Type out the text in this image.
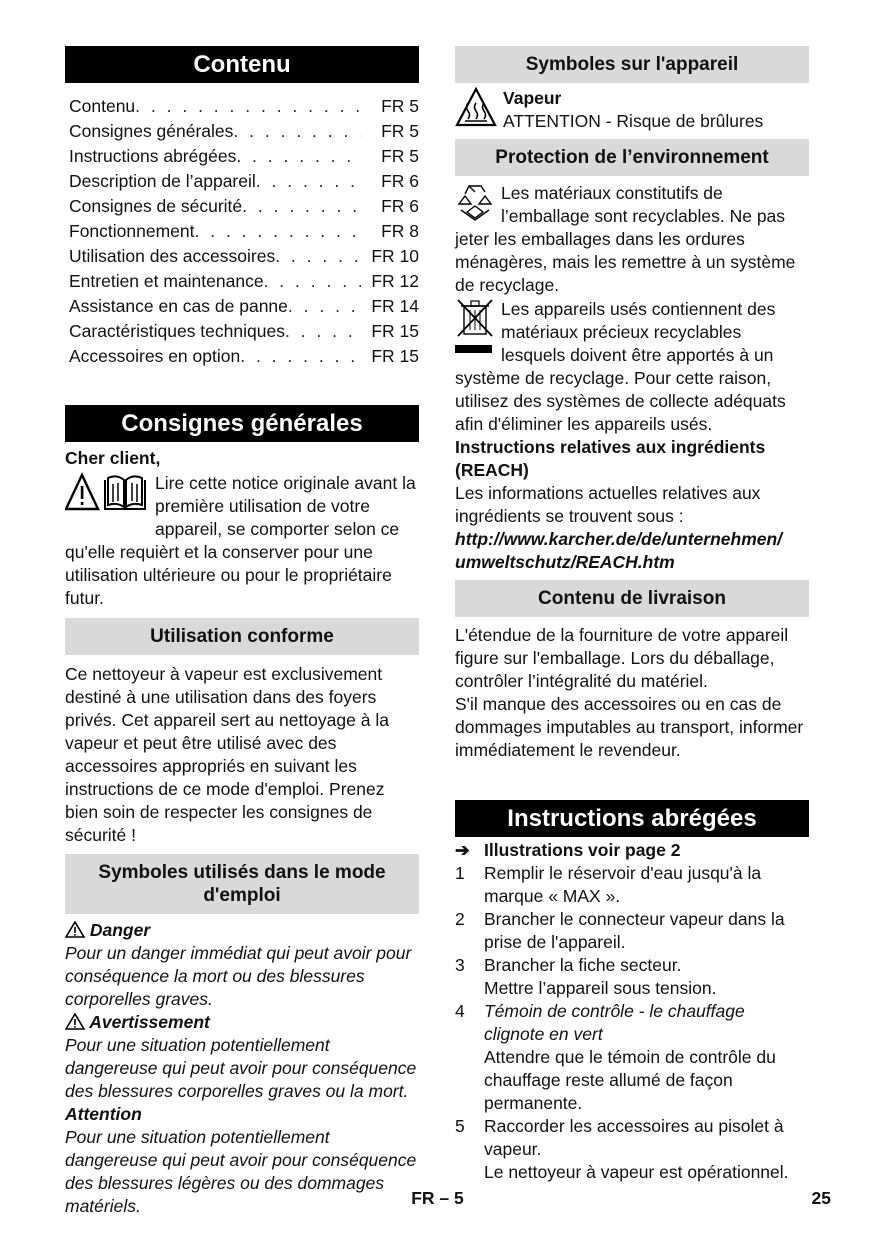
Contenu
Contenu . . .	FR 5
Consignes générales . . .	FR 5
Instructions abrégées . . .	FR 5
Description de l’appareil . . .	FR 6
Consignes de sécurité . . .	FR 6
Fonctionnement . . .	FR 8
Utilisation des accessoires . . .	FR 10
Entretien et maintenance . . .	FR 12
Assistance en cas de panne . . .	FR 14
Caractéristiques techniques . . .	FR 15
Accessoires en option . . .	FR 15
Consignes générales

Cher client,

Lire cette notice originale avant la première utilisation de votre appareil, se comporter selon ce qu'elle requièrt et la conserver pour une utilisation ultérieure ou pour le propriétaire futur.

Utilisation conforme

Ce nettoyeur à vapeur est exclusivement destiné à une utilisation dans des foyers privés. Cet appareil sert au nettoyage à la vapeur et peut être utilisé avec des accessoires appropriés en suivant les instructions de ce mode d'emploi. Prenez bien soin de respecter les consignes de sécurité !

Symboles utilisés dans le mode d'emploi

Danger

Pour un danger immédiat qui peut avoir pour conséquence la mort ou des blessures corporelles graves.

Avertissement

Pour une situation potentiellement dangereuse qui peut avoir pour conséquence des blessures corporelles graves ou la mort.

Attention

Pour une situation potentiellement dangereuse qui peut avoir pour conséquence des blessures légères ou des dommages matériels.

Symboles sur l'appareil

Vapeur

ATTENTION - Risque de brûlures

Protection de l’environnement

Les matériaux constitutifs de l’emballage sont recyclables. Ne pas jeter les emballages dans les ordures ménagères, mais les remettre à un système de recyclage.

Les appareils usés contiennent des matériaux précieux recyclables lesquels doivent être apportés à un système de recyclage. Pour cette raison, utilisez des systèmes de collecte adéquats afin d'éliminer les appareils usés.

Instructions relatives aux ingrédients (REACH)

Les informations actuelles relatives aux ingrédients se trouvent sous :

http://www.karcher.de/de/unternehmen/
umweltschutz/REACH.htm

Contenu de livraison

L'étendue de la fourniture de votre appareil figure sur l'emballage. Lors du déballage, contrôler l’intégralité du matériel.

S'il manque des accessoires ou en cas de dommages imputables au transport, informer immédiatement le revendeur.

Instructions abrégées

➔ Illustrations voir page 2

1	Remplir le réservoir d'eau jusqu'à la marque « MAX ».
2	Brancher le connecteur vapeur dans la prise de l'appareil.
3	Brancher la fiche secteur.
Mettre l’appareil sous tension.
4	Témoin de contrôle - le chauffage clignote en vert
Attendre que le témoin de contrôle du chauffage reste allumé de façon permanente.
5	Raccorder les accessoires au pisolet à vapeur.
Le nettoyeur à vapeur est opérationnel.
FR – 5	25
